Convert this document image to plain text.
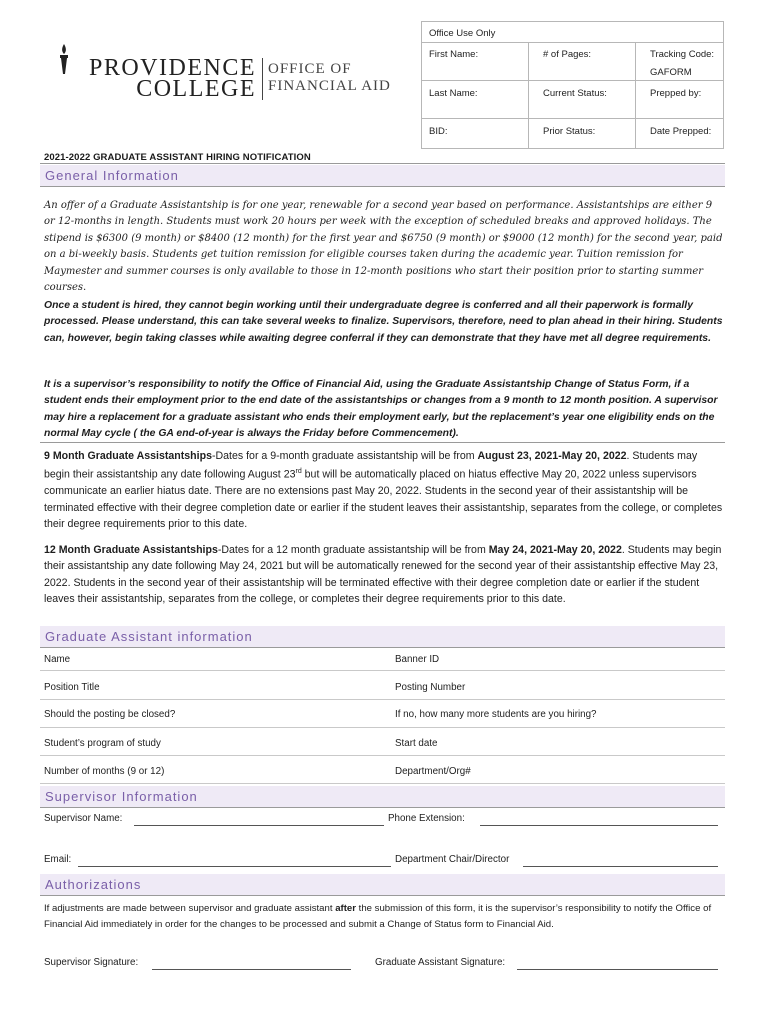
PROVIDENCE
COLLEGE
OFFICE OF
FINANCIAL AID
Office Use Only
First Name:	# of Pages:	Tracking Code:
GAFORM
Last Name:	Current Status:	Prepped by:
BID:	Prior Status:	Date Prepped:
2021-2022 GRADUATE ASSISTANT HIRING NOTIFICATION
General Information
An offer of a Graduate Assistantship is for one year, renewable for a second year based on performance. Assistantships are either 9 or 12-months in length. Students must work 20 hours per week with the exception of scheduled breaks and approved holidays. The stipend is $6300 (9 month) or $8400 (12 month) for the first year and $6750 (9 month) or $9000 (12 month) for the second year, paid on a bi-weekly basis. Students get tuition remission for eligible courses taken during the academic year. Tuition remission for Maymester and summer courses is only available to those in 12-month positions who start their position prior to starting summer courses.
Once a student is hired, they cannot begin working until their undergraduate degree is conferred and all their paperwork is formally processed. Please understand, this can take several weeks to finalize. Supervisors, therefore, need to plan ahead in their hiring. Students can, however, begin taking classes while awaiting degree conferral if they can demonstrate that they have met all degree requirements.
It is a supervisor’s responsibility to notify the Office of Financial Aid, using the Graduate Assistantship Change of Status Form, if a student ends their employment prior to the end date of the assistantships or changes from a 9 month to 12 month position. A supervisor may hire a replacement for a graduate assistant who ends their employment early, but the replacement’s year one eligibility ends on the normal May cycle ( the GA end-of-year is always the Friday before Commencement).
9 Month Graduate Assistantships-Dates for a 9-month graduate assistantship will be from August 23, 2021-May 20, 2022. Students may begin their assistantship any date following August 23rd but will be automatically placed on hiatus effective May 20, 2022 unless supervisors communicate an earlier hiatus date. There are no extensions past May 20, 2022. Students in the second year of their assistantship will be terminated effective with their degree completion date or earlier if the student leaves their assistantship, separates from the college, or completes their degree requirements prior to this date.
12 Month Graduate Assistantships-Dates for a 12 month graduate assistantship will be from May 24, 2021-May 20, 2022. Students may begin their assistantship any date following May 24, 2021 but will be automatically renewed for the second year of their assistantship effective May 23, 2022. Students in the second year of their assistantship will be terminated effective with their degree completion date or earlier if the student leaves their assistantship, separates from the college, or completes their degree requirements prior to this date.
Graduate Assistant information
Name	Banner ID
Position Title	Posting Number
Should the posting be closed?	If no, how many more students are you hiring?
Student’s program of study	Start date
Number of months (9 or 12)	Department/Org#
Supervisor Information
Supervisor Name:	Phone Extension:
Email:	Department Chair/Director
Authorizations
If adjustments are made between supervisor and graduate assistant after the submission of this form, it is the supervisor’s responsibility to notify the Office of Financial Aid immediately in order for the changes to be processed and submit a Change of Status form to Financial Aid.
Supervisor Signature:	Graduate Assistant Signature:
